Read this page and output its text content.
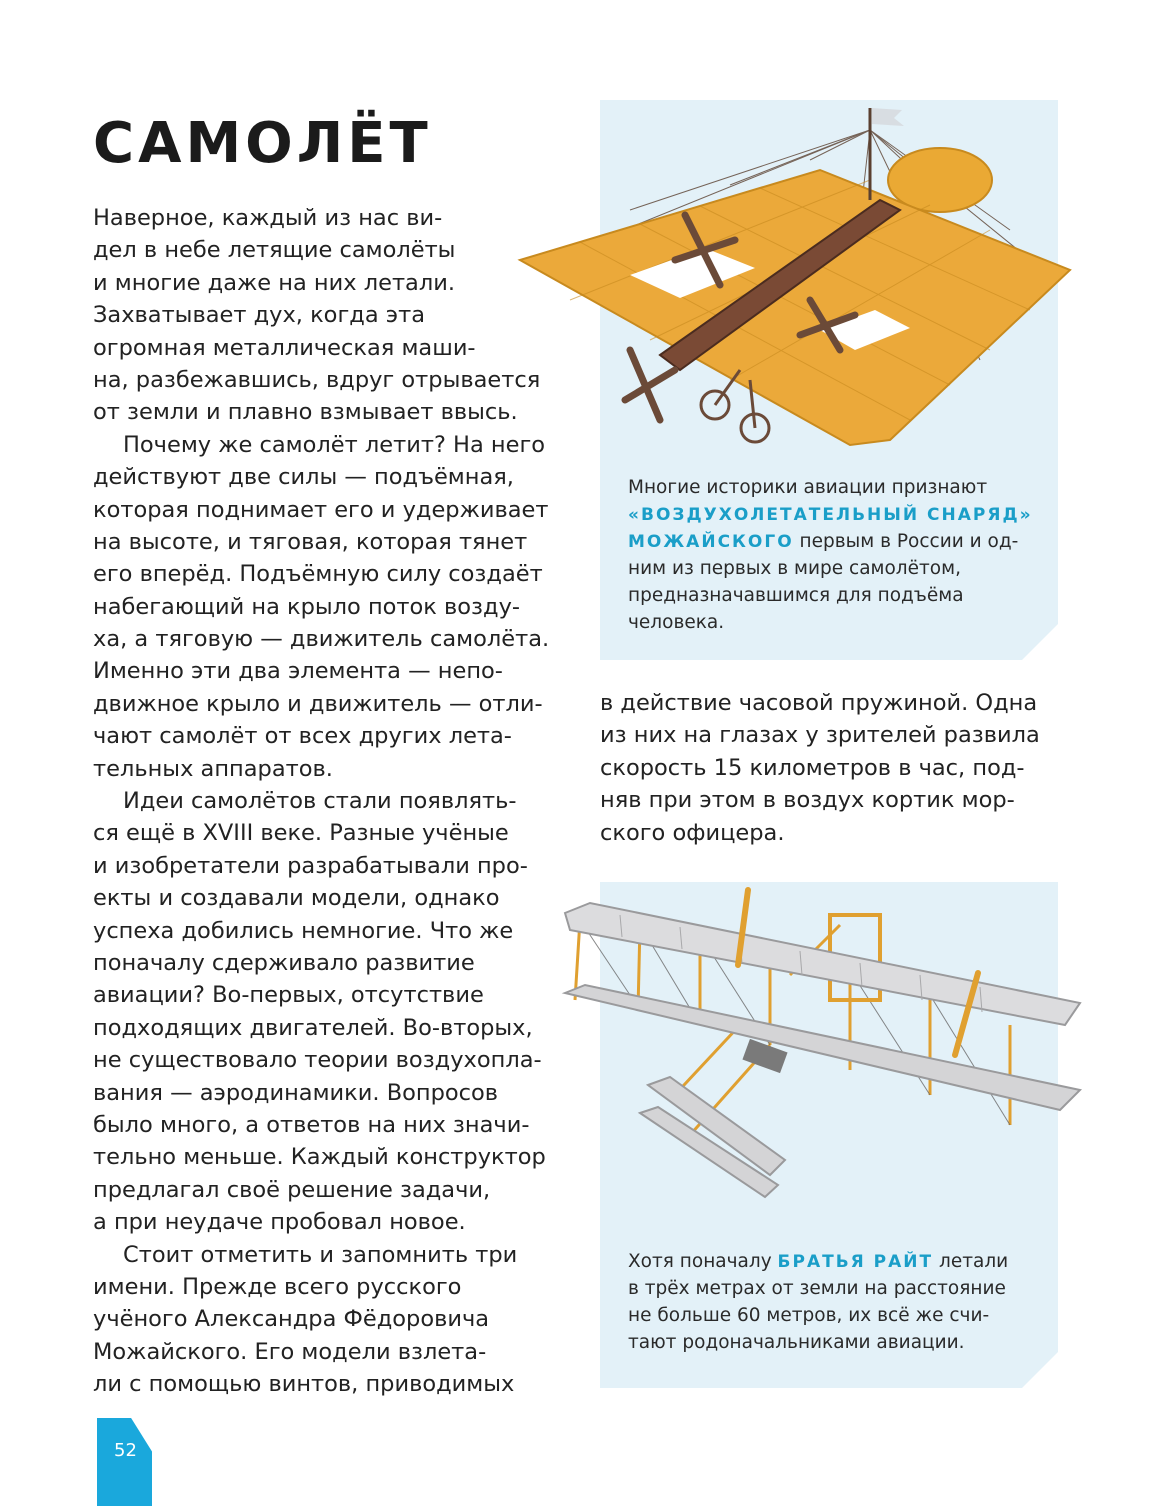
САМОЛЁТ
Наверное, каждый из нас ви-
дел в небе летящие самолёты
и многие даже на них летали.
Захватывает дух, когда эта
огромная металлическая маши-
на, разбежавшись, вдруг отрывается
от земли и плавно взмывает ввысь.
Почему же самолёт летит? На него
действуют две силы — подъёмная,
которая поднимает его и удерживает
на высоте, и тяговая, которая тянет
его вперёд. Подъёмную силу создаёт
набегающий на крыло поток возду-
ха, а тяговую — движитель самолёта.
Именно эти два элемента — непо-
движное крыло и движитель — отли-
чают самолёт от всех других лета-
тельных аппаратов.
Идеи самолётов стали появлять-
ся ещё в XVIII веке. Разные учёные
и изобретатели разрабатывали про-
екты и создавали модели, однако
успеха добились немногие. Что же
поначалу сдерживало развитие
авиации? Во-первых, отсутствие
подходящих двигателей. Во-вторых,
не существовало теории воздухопла-
вания — аэродинамики. Вопросов
было много, а ответов на них значи-
тельно меньше. Каждый конструктор
предлагал своё решение задачи,
а при неудаче пробовал новое.
Стоит отметить и запомнить три
имени. Прежде всего русского
учёного Александра Фёдоровича
Можайского. Его модели взлета-
ли с помощью винтов, приводимых
Многие историки авиации признают
«ВОЗДУХОЛЕТАТЕЛЬНЫЙ СНАРЯД»
МОЖАЙСКОГО первым в России и од-
ним из первых в мире самолётом,
предназначавшимся для подъёма
человека.
в действие часовой пружиной. Одна
из них на глазах у зрителей развила
скорость 15 километров в час, под-
няв при этом в воздух кортик мор-
ского офицера.
Хотя поначалу БРАТЬЯ РАЙТ летали
в трёх метрах от земли на расстояние
не больше 60 метров, их всё же счи-
тают родоначальниками авиации.
52
